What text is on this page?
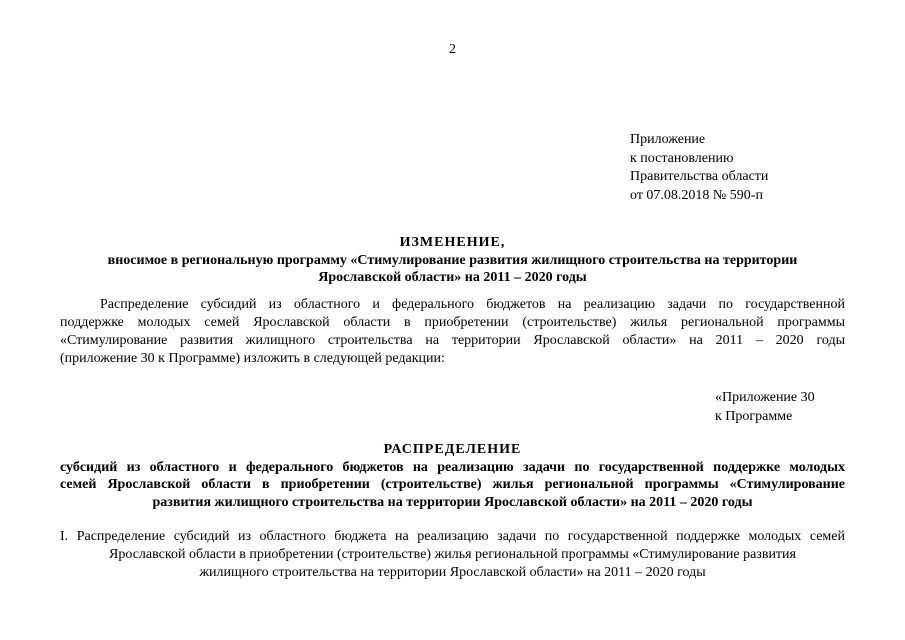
2
Приложение
к постановлению
Правительства области
от 07.08.2018 № 590-п
ИЗМЕНЕНИЕ,
вносимое в региональную программу «Стимулирование развития жилищного строительства на территории
Ярославской области» на 2011 – 2020 годы
Распределение субсидий из областного и федерального бюджетов на реализацию задачи по государственной
поддержке молодых семей Ярославской области в приобретении (строительстве) жилья региональной программы
«Стимулирование развития жилищного строительства на территории Ярославской области» на 2011 – 2020 годы
(приложение 30 к Программе) изложить в следующей редакции:
«Приложение 30
к Программе
РАСПРЕДЕЛЕНИЕ
субсидий из областного и федерального бюджетов на реализацию задачи по государственной поддержке молодых
семей Ярославской области в приобретении (строительстве) жилья региональной программы «Стимулирование
развития жилищного строительства на территории Ярославской области» на 2011 – 2020 годы
I. Распределение субсидий из областного бюджета на реализацию задачи по государственной поддержке молодых семей
Ярославской области в приобретении (строительстве) жилья региональной программы «Стимулирование развития
жилищного строительства на территории Ярославской области» на 2011 – 2020 годы
